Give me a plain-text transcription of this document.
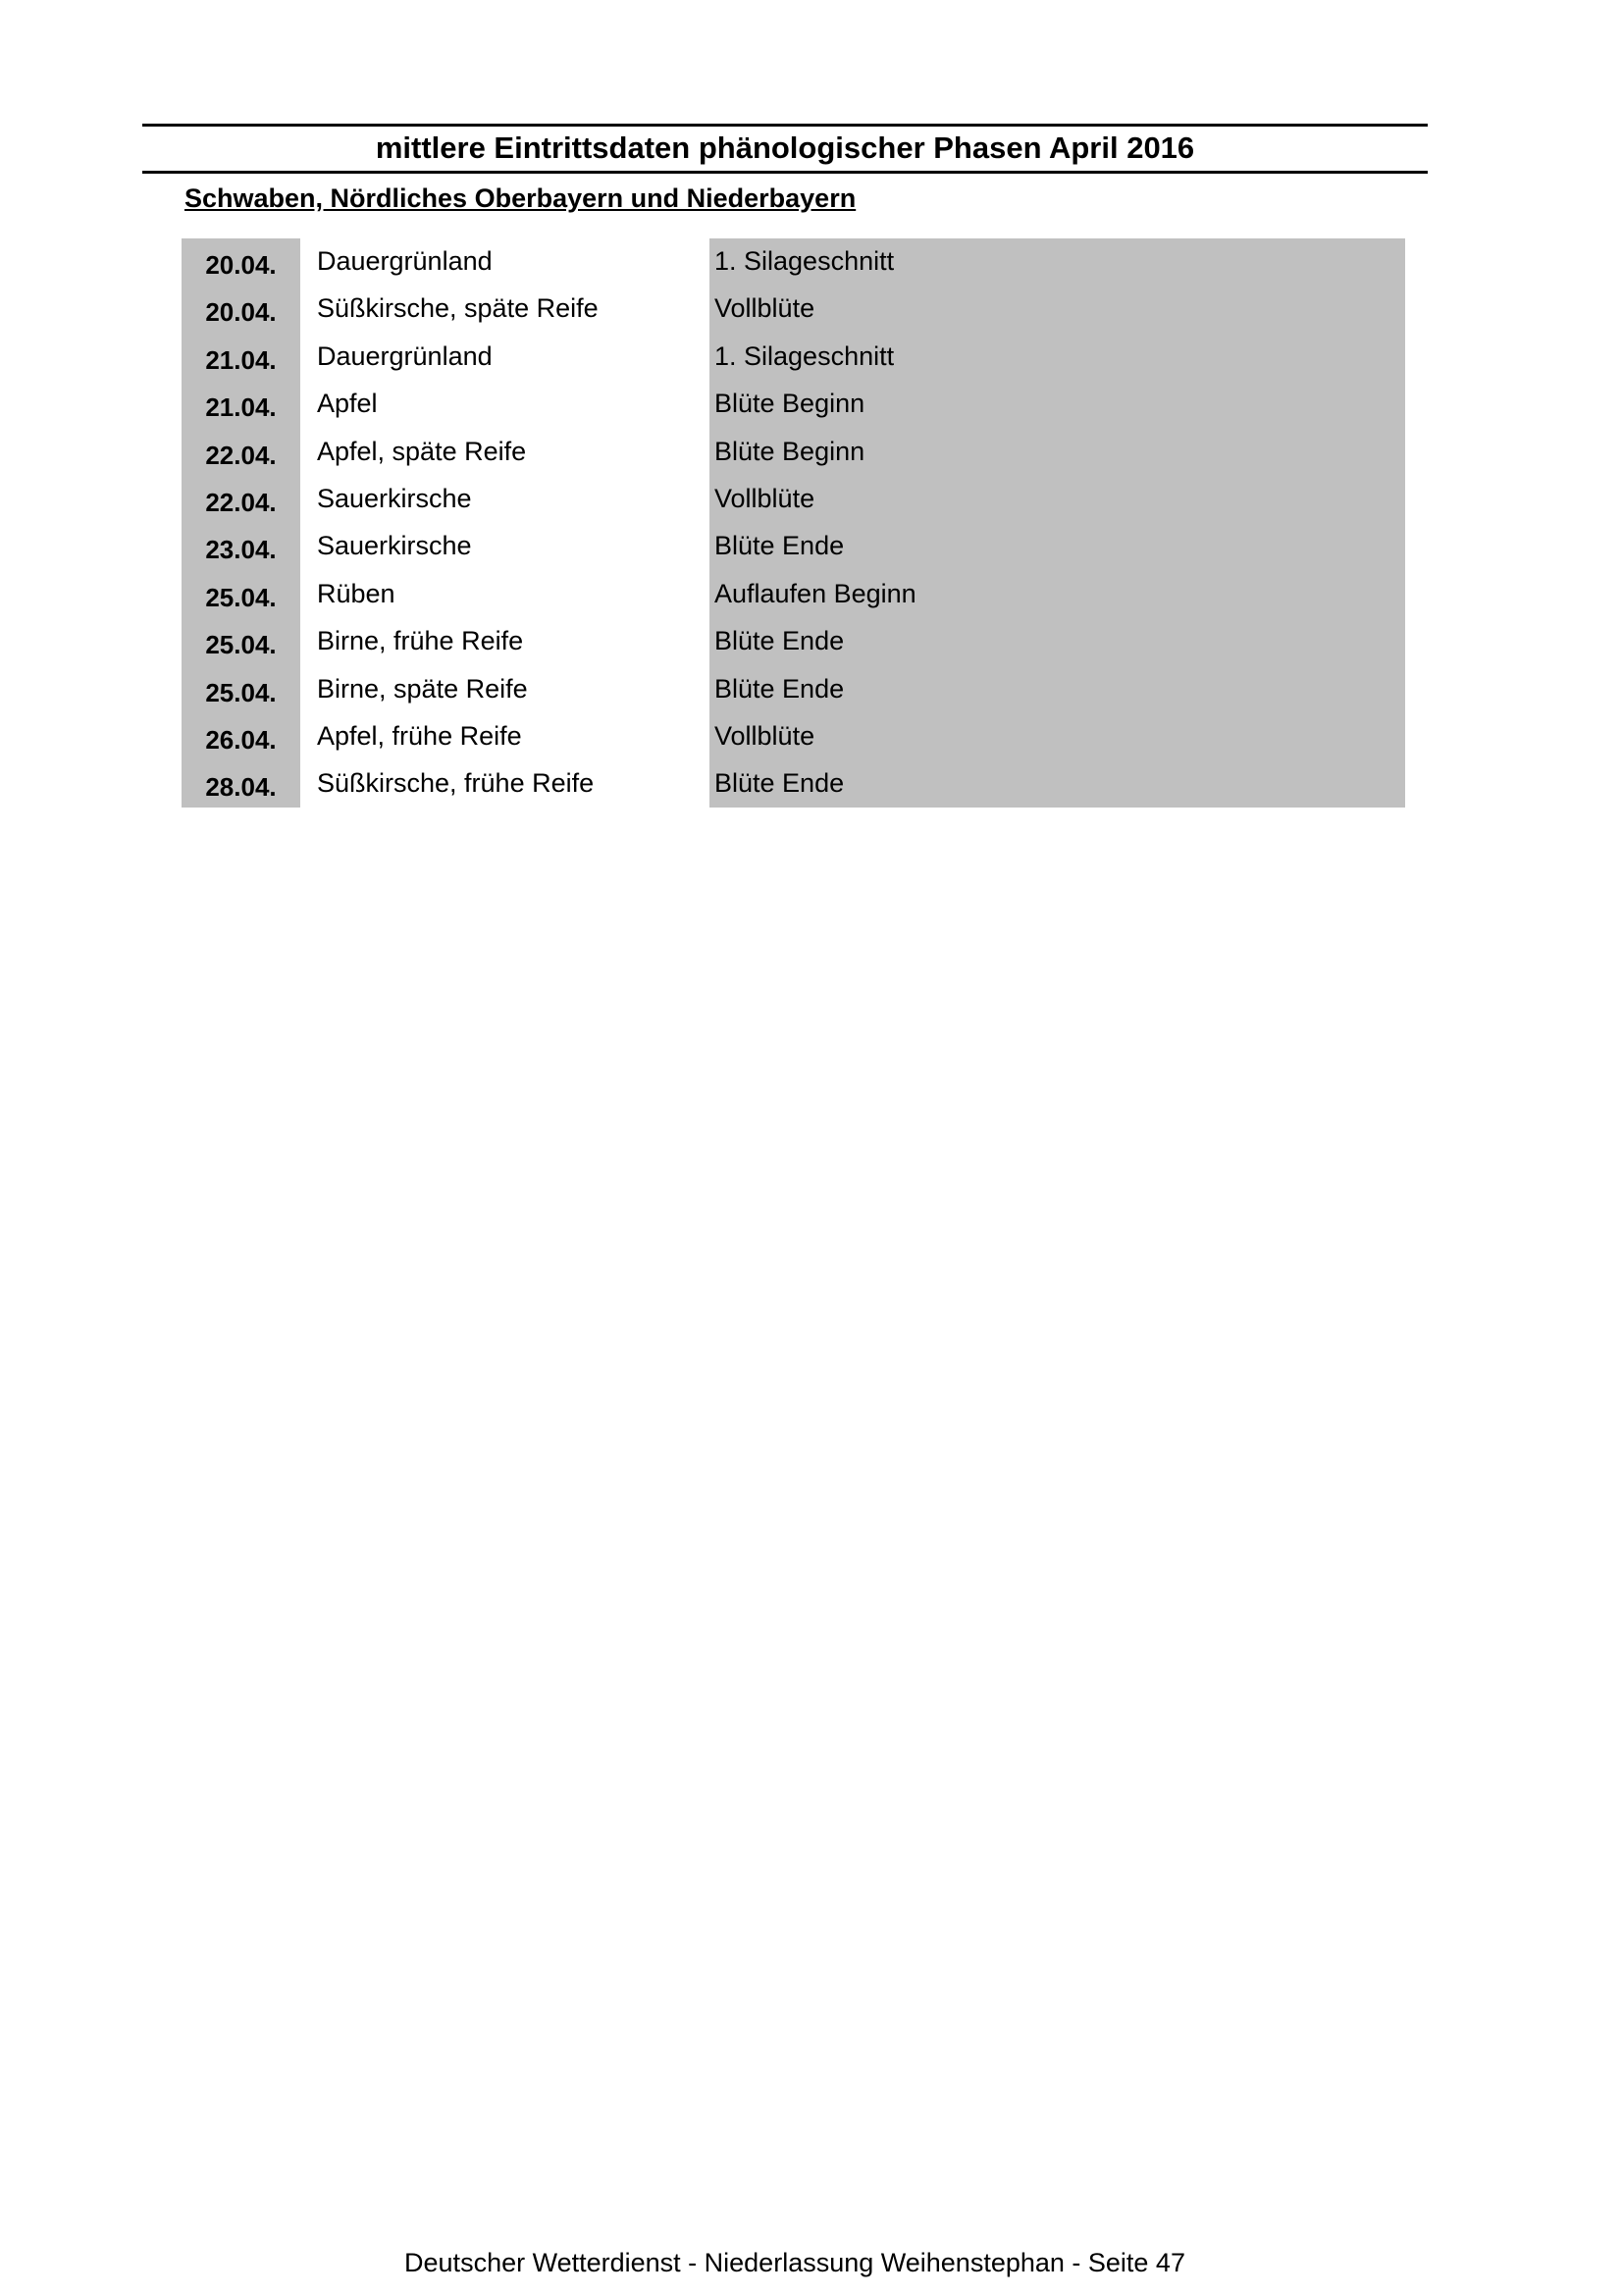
mittlere Eintrittsdaten phänologischer Phasen April 2016
Schwaben, Nördliches Oberbayern und Niederbayern
20.04.	Dauergrünland	1. Silageschnitt
20.04.	Süßkirsche, späte Reife	Vollblüte
21.04.	Dauergrünland	1. Silageschnitt
21.04.	Apfel	Blüte Beginn
22.04.	Apfel, späte Reife	Blüte Beginn
22.04.	Sauerkirsche	Vollblüte
23.04.	Sauerkirsche	Blüte Ende
25.04.	Rüben	Auflaufen Beginn
25.04.	Birne, frühe Reife	Blüte Ende
25.04.	Birne, späte Reife	Blüte Ende
26.04.	Apfel, frühe Reife	Vollblüte
28.04.	Süßkirsche, frühe Reife	Blüte Ende
Deutscher Wetterdienst - Niederlassung Weihenstephan - Seite 47
